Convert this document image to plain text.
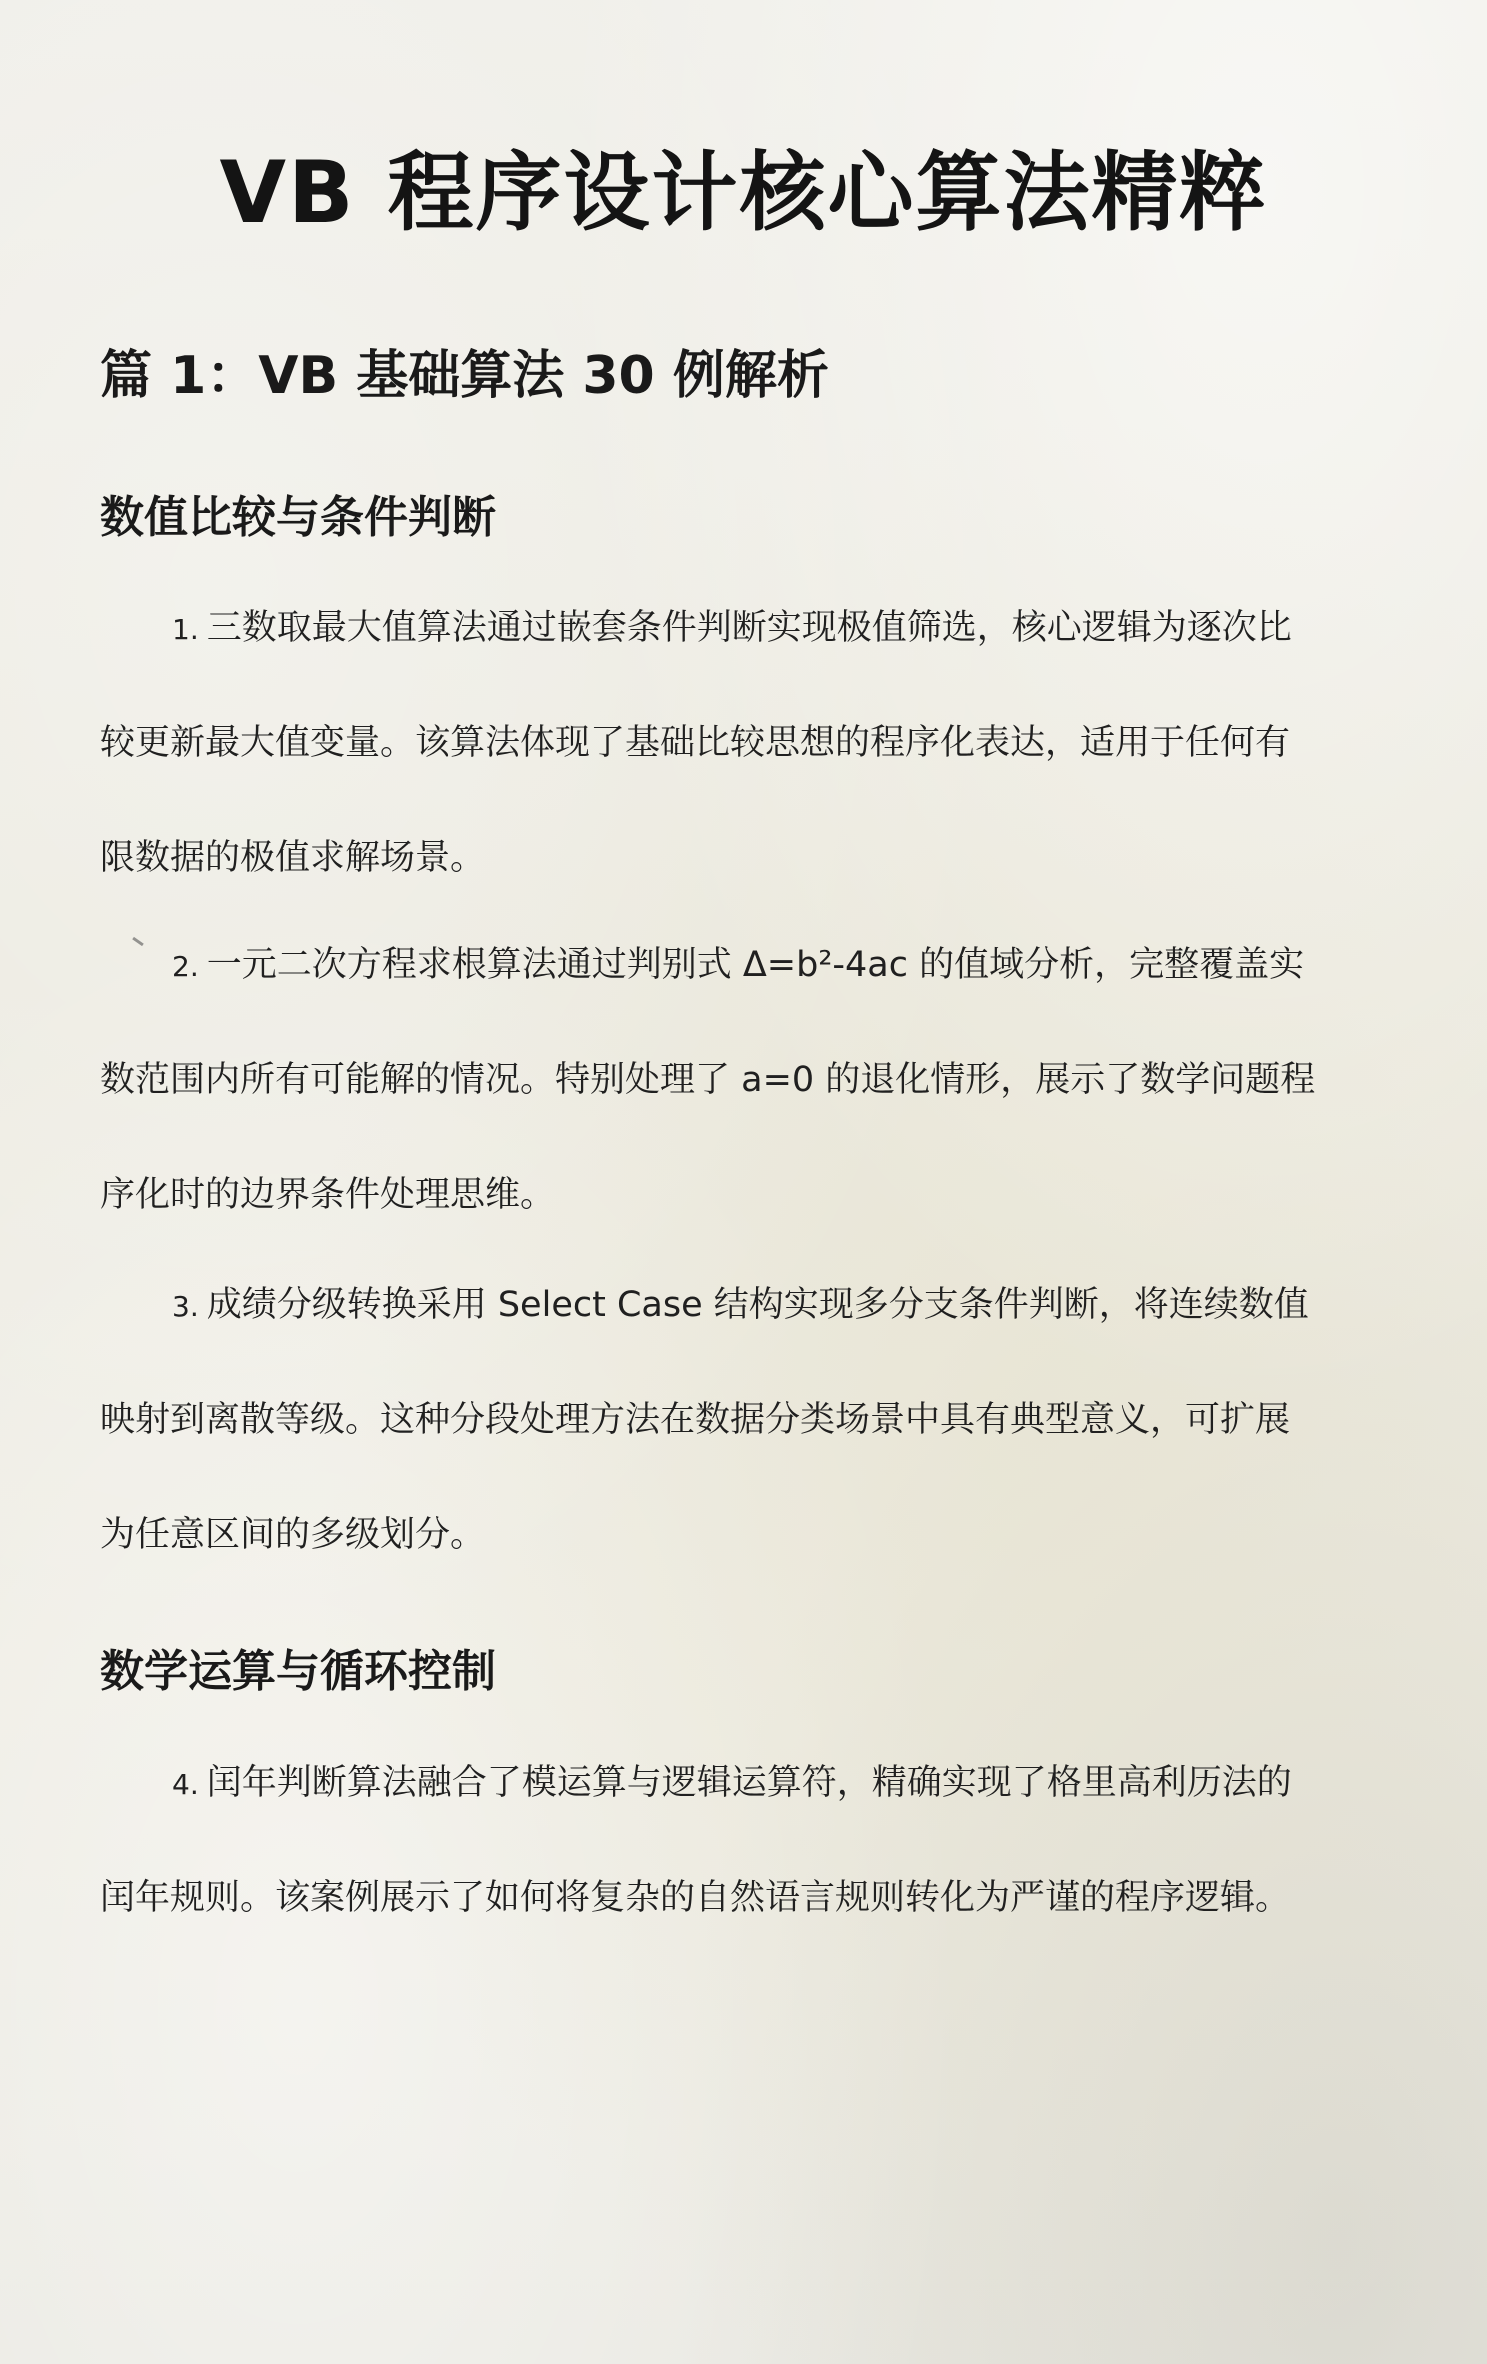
VB 程序设计核心算法精粹
篇 1：VB 基础算法 30 例解析
数值比较与条件判断
1. 三数取最大值算法通过嵌套条件判断实现极值筛选，核心逻辑为逐次比
较更新最大值变量。该算法体现了基础比较思想的程序化表达，适用于任何有
限数据的极值求解场景。
2. 一元二次方程求根算法通过判别式 Δ=b²-4ac 的值域分析，完整覆盖实
数范围内所有可能解的情况。特别处理了 a=0 的退化情形，展示了数学问题程
序化时的边界条件处理思维。
3. 成绩分级转换采用 Select Case 结构实现多分支条件判断，将连续数值
映射到离散等级。这种分段处理方法在数据分类场景中具有典型意义，可扩展
为任意区间的多级划分。
数学运算与循环控制
4. 闰年判断算法融合了模运算与逻辑运算符，精确实现了格里高利历法的
闰年规则。该案例展示了如何将复杂的自然语言规则转化为严谨的程序逻辑。
